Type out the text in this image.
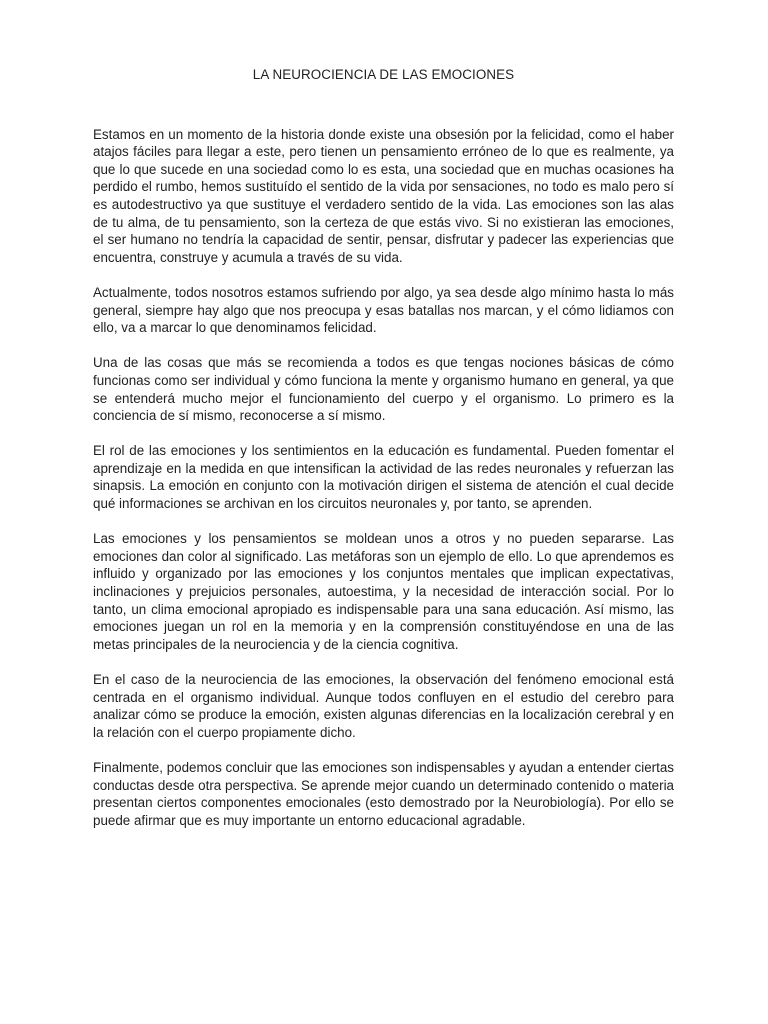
LA NEUROCIENCIA DE LAS EMOCIONES

Estamos en un momento de la historia donde existe una obsesión por la felicidad, como el haber atajos fáciles para llegar a este, pero tienen un pensamiento erróneo de lo que es realmente, ya que lo que sucede en una sociedad como lo es esta, una sociedad que en muchas ocasiones ha perdido el rumbo, hemos sustituído el sentido de la vida por sensaciones, no todo es malo pero sí es autodestructivo ya que sustituye el verdadero sentido de la vida. Las emociones son las alas de tu alma, de tu pensamiento, son la certeza de que estás vivo. Si no existieran las emociones, el ser humano no tendría la capacidad de sentir, pensar, disfrutar y padecer las experiencias que encuentra, construye y acumula a través de su vida.

Actualmente, todos nosotros estamos sufriendo por algo, ya sea desde algo mínimo hasta lo más general, siempre hay algo que nos preocupa y esas batallas nos marcan, y el cómo lidiamos con ello, va a marcar lo que denominamos felicidad.

Una de las cosas que más se recomienda a todos es que tengas nociones básicas de cómo funcionas como ser individual y cómo funciona la mente y organismo humano en general, ya que se entenderá mucho mejor el funcionamiento del cuerpo y el organismo. Lo primero es la conciencia de sí mismo, reconocerse a sí mismo.

El rol de las emociones y los sentimientos en la educación es fundamental. Pueden fomentar el aprendizaje en la medida en que intensifican la actividad de las redes neuronales y refuerzan las sinapsis. La emoción en conjunto con la motivación dirigen el sistema de atención el cual decide qué informaciones se archivan en los circuitos neuronales y, por tanto, se aprenden.

Las emociones y los pensamientos se moldean unos a otros y no pueden separarse. Las emociones dan color al significado. Las metáforas son un ejemplo de ello. Lo que aprendemos es influido y organizado por las emociones y los conjuntos mentales que implican expectativas, inclinaciones y prejuicios personales, autoestima, y la necesidad de interacción social. Por lo tanto, un clima emocional apropiado es indispensable para una sana educación. Así mismo, las emociones juegan un rol en la memoria y en la comprensión constituyéndose en una de las metas principales de la neurociencia y de la ciencia cognitiva.

En el caso de la neurociencia de las emociones, la observación del fenómeno emocional está centrada en el organismo individual. Aunque todos confluyen en el estudio del cerebro para analizar cómo se produce la emoción, existen algunas diferencias en la localización cerebral y en la relación con el cuerpo propiamente dicho.

Finalmente, podemos concluir que las emociones son indispensables y ayudan a entender ciertas conductas desde otra perspectiva. Se aprende mejor cuando un determinado contenido o materia presentan ciertos componentes emocionales (esto demostrado por la Neurobiología). Por ello se puede afirmar que es muy importante un entorno educacional agradable.
